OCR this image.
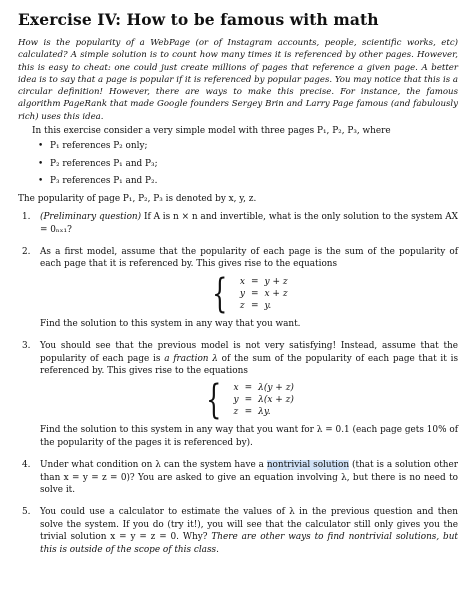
Exercise IV: How to be famous with math

How is the popularity of a WebPage (or of Instagram accounts, people, scientific works, etc) calculated? A simple solution is to count how many times it is referenced by other pages. However, this is easy to cheat: one could just create millions of pages that reference a given page. A better idea is to say that a page is popular if it is referenced by popular pages. You may notice that this is a circular definition! However, there are ways to make this precise. For instance, the famous algorithm PageRank that made Google founders Sergey Brin and Larry Page famous (and fabulously rich) uses this idea.

In this exercise consider a very simple model with three pages P₁, P₂, P₃, where

• P₁ references P₂ only;
• P₂ references P₁ and P₃;
• P₃ references P₁ and P₂.

The popularity of page P₁, P₂, P₃ is denoted by x, y, z.

1. (Preliminary question) If A is n × n and invertible, what is the only solution to the system AX = 0ₙₓ₁?
2. As a first model, assume that the popularity of each page is the sum of the popularity of each page that it is referenced by. This gives rise to the equations
{ x	=	y + z
y	=	x + z
z	=	y.
Find the solution to this system in any way that you want.
3. You should see that the previous model is not very satisfying! Instead, assume that the popularity of each page is a fraction λ of the sum of the popularity of each page that it is referenced by. This gives rise to the equations
{ x	=	λ(y + z)
y	=	λ(x + z)
z	=	λy.
Find the solution to this system in any way that you want for λ = 0.1 (each page gets 10% of the popularity of the pages it is referenced by).
4. Under what condition on λ can the system have a nontrivial solution (that is a solution other than x = y = z = 0)? You are asked to give an equation involving λ, but there is no need to solve it.
5. You could use a calculator to estimate the values of λ in the previous question and then solve the system. If you do (try it!), you will see that the calculator still only gives you the trivial solution x = y = z = 0. Why? There are other ways to find nontrivial solutions, but this is outside of the scope of this class.
